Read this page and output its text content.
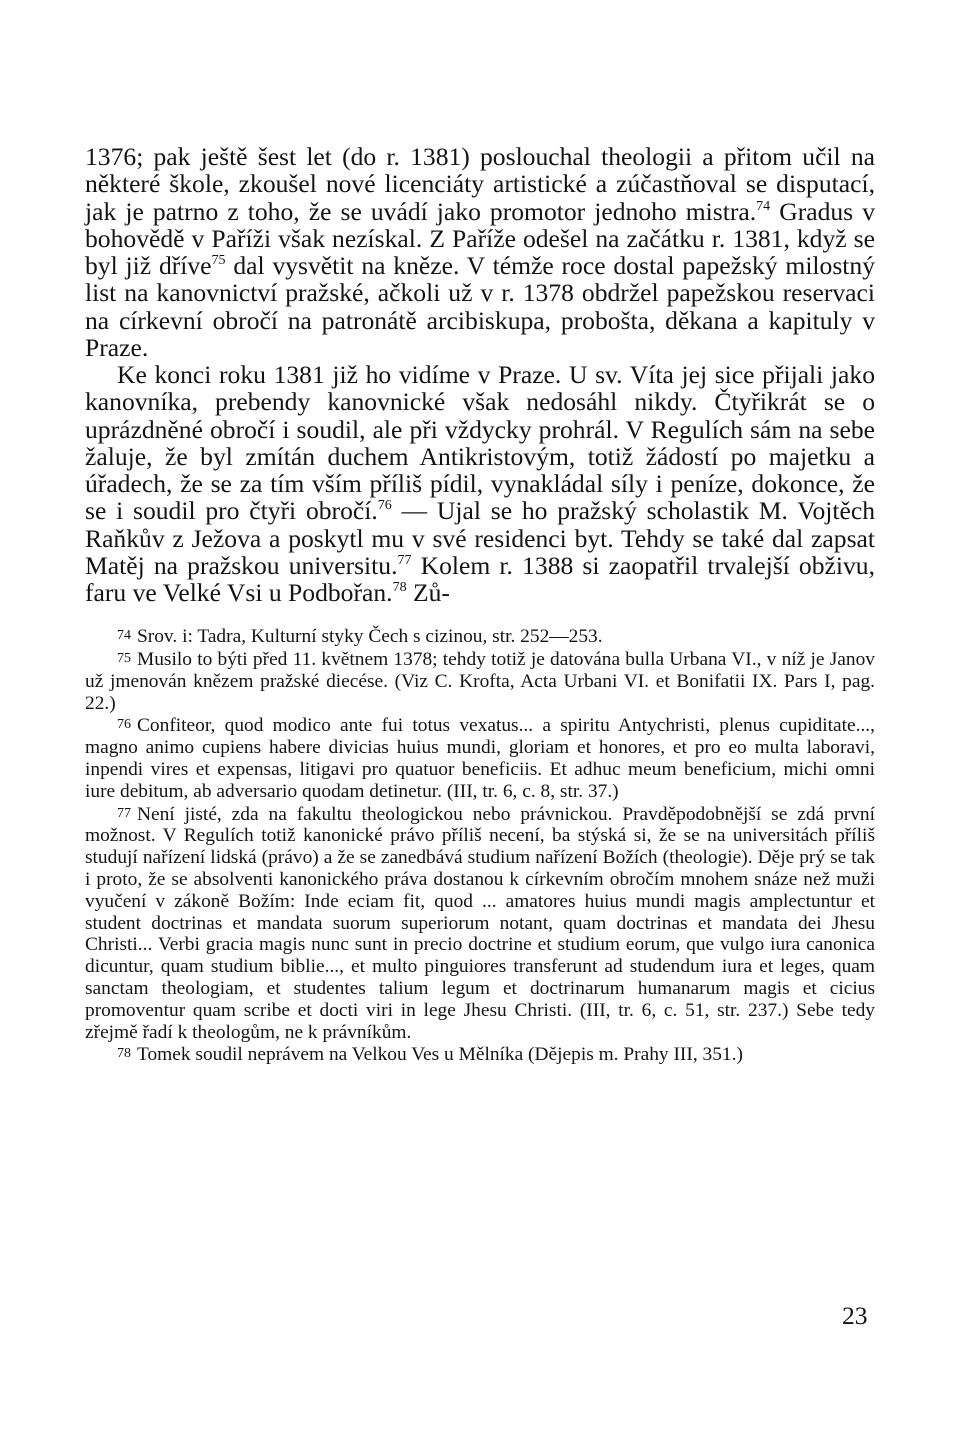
1376; pak ještě šest let (do r. 1381) poslouchal theologii a přitom učil na některé škole, zkoušel nové licenciáty artistické a zúčastňoval se disputací, jak je patrno z toho, že se uvádí jako promotor jednoho mistra.$^{74}$ Gradus v bohovědě v Paříži však nezískal. Z Paříže odešel na začátku r. 1381, když se byl již dříve$^{75}$ dal vysvětit na kněze. V témže roce dostal papežský milostný list na kanovnictví pražské, ačkoli už v r. 1378 obdržel papežskou reservaci na církevní obročí na patronátě arcibiskupa, probošta, děkana a kapituly v Praze.

Ke konci roku 1381 již ho vidíme v Praze. U sv. Víta jej sice přijali jako kanovníka, prebendy kanovnické však nedosáhl nikdy. Čtyřikrát se o uprázdněné obročí i soudil, ale při vždycky prohrál. V Regulích sám na sebe žaluje, že byl zmítán duchem Antikristovým, totiž žádostí po majetku a úřadech, že se za tím vším příliš pídil, vynakládal síly i peníze, dokonce, že se i soudil pro čtyři obročí.$^{76}$ — Ujal se ho pražský scholastik M. Vojtěch Raňkův z Ježova a poskytl mu v své residenci byt. Tehdy se také dal zapsat Matěj na pražskou universitu.$^{77}$ Kolem r. 1388 si zaopatřil trvalejší obživu, faru ve Velké Vsi u Podbořan.$^{78}$ Zů-

74 Srov. i: Tadra, Kulturní styky Čech s cizinou, str. 252—253.

75 Musilo to býti před 11. květnem 1378; tehdy totiž je datována bulla Urbana VI., v níž je Janov už jmenován knězem pražské diecése. (Viz C. Krofta, Acta Urbani VI. et Bonifatii IX. Pars I, pag. 22.)

76 Confiteor, quod modico ante fui totus vexatus... a spiritu Antychristi, plenus cupiditate..., magno animo cupiens habere divicias huius mundi, gloriam et honores, et pro eo multa laboravi, inpendi vires et expensas, litigavi pro quatuor beneficiis. Et adhuc meum beneficium, michi omni iure debitum, ab adversario quodam detinetur. (III, tr. 6, c. 8, str. 37.)

77 Není jisté, zda na fakultu theologickou nebo právnickou. Pravděpodobnější se zdá první možnost. V Regulích totiž kanonické právo příliš necení, ba stýská si, že se na universitách příliš studují nařízení lidská (právo) a že se zanedbává studium nařízení Božích (theologie). Děje prý se tak i proto, že se absolventi kanonického práva dostanou k církevním obročím mnohem snáze než muži vyučení v zákoně Božím: Inde eciam fit, quod ... amatores huius mundi magis amplectuntur et student doctrinas et mandata suorum superiorum notant, quam doctrinas et mandata dei Jhesu Christi... Verbi gracia magis nunc sunt in precio doctrine et studium eorum, que vulgo iura canonica dicuntur, quam studium biblie..., et multo pinguiores transferunt ad studendum iura et leges, quam sanctam theologiam, et studentes talium legum et doctrinarum humanarum magis et cicius promoventur quam scribe et docti viri in lege Jhesu Christi. (III, tr. 6, c. 51, str. 237.) Sebe tedy zřejmě řadí k theologům, ne k právníkům.

78 Tomek soudil neprávem na Velkou Ves u Mělníka (Dějepis m. Prahy III, 351.)

23
